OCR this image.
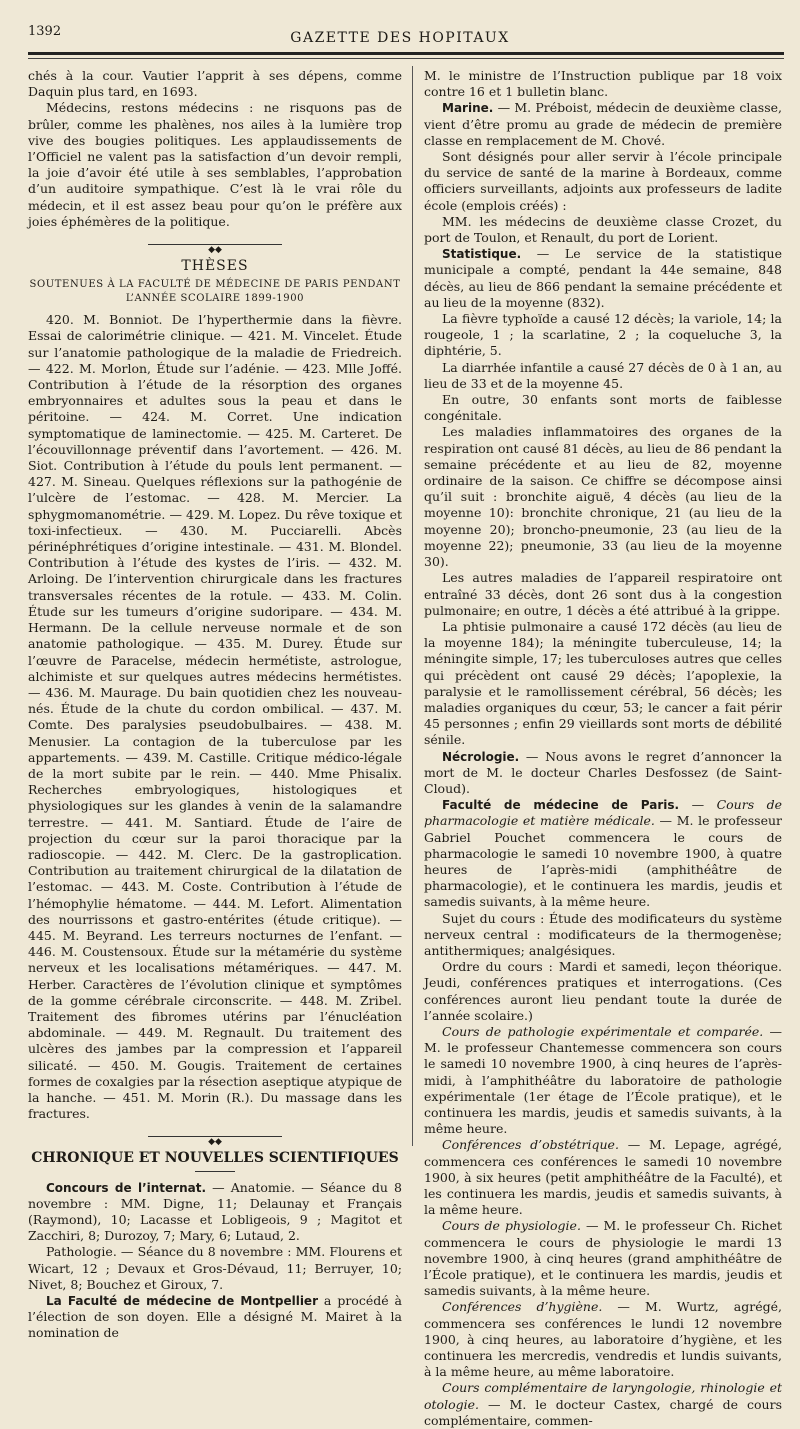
1392	GAZETTE DES HOPITAUX

chés à la cour. Vautier l’apprit à ses dépens, comme Daquin plus tard, en 1693.

Médecins, restons médecins : ne risquons pas de brûler, comme les phalènes, nos ailes à la lumière trop vive des bougies politiques. Les applaudissements de l’Officiel ne valent pas la satisfaction d’un devoir rempli, la joie d’avoir été utile à ses semblables, l’approbation d’un auditoire sympathique. C’est là le vrai rôle du médecin, et il est assez beau pour qu’on le préfère aux joies éphémères de la politique.

◆◆
THÈSES
SOUTENUES À LA FACULTÉ DE MÉDECINE DE PARIS PENDANT L’ANNÉE SCOLAIRE 1899-1900

420. M. Bonniot. De l’hyperthermie dans la fièvre. Essai de calorimétrie clinique. — 421. M. Vincelet. Étude sur l’anatomie pathologique de la maladie de Friedreich. — 422. M. Morlon, Étude sur l’adénie. — 423. Mlle Joffé. Contribution à l’étude de la résorption des organes embryonnaires et adultes sous la peau et dans le péritoine. — 424. M. Corret. Une indication symptomatique de laminectomie. — 425. M. Carteret. De l’écouvillonnage préventif dans l’avortement. — 426. M. Siot. Contribution à l’étude du pouls lent permanent. — 427. M. Sineau. Quelques réflexions sur la pathogénie de l’ulcère de l’estomac. — 428. M. Mercier. La sphygmomanométrie. — 429. M. Lopez. Du rêve toxique et toxi-infectieux. — 430. M. Pucciarelli. Abcès périnéphrétiques d’origine intestinale. — 431. M. Blondel. Contribution à l’étude des kystes de l’iris. — 432. M. Arloing. De l’intervention chirurgicale dans les fractures transversales récentes de la rotule. — 433. M. Colin. Étude sur les tumeurs d’origine sudoripare. — 434. M. Hermann. De la cellule nerveuse normale et de son anatomie pathologique. — 435. M. Durey. Étude sur l’œuvre de Paracelse, médecin hermétiste, astrologue, alchimiste et sur quelques autres médecins hermétistes. — 436. M. Maurage. Du bain quotidien chez les nouveau-nés. Étude de la chute du cordon ombilical. — 437. M. Comte. Des paralysies pseudobulbaires. — 438. M. Menusier. La contagion de la tuberculose par les appartements. — 439. M. Castille. Critique médico-légale de la mort subite par le rein. — 440. Mme Phisalix. Recherches embryologiques, histologiques et physiologiques sur les glandes à venin de la salamandre terrestre. — 441. M. Santiard. Étude de l’aire de projection du cœur sur la paroi thoracique par la radioscopie. — 442. M. Clerc. De la gastroplication. Contribution au traitement chirurgical de la dilatation de l’estomac. — 443. M. Coste. Contribution à l’étude de l’hémophylie hématome. — 444. M. Lefort. Alimentation des nourrissons et gastro-entérites (étude critique). — 445. M. Beyrand. Les terreurs nocturnes de l’enfant. — 446. M. Coustensoux. Étude sur la métamérie du système nerveux et les localisations métamériques. — 447. M. Herber. Caractères de l’évolution clinique et symptômes de la gomme cérébrale circonscrite. — 448. M. Zribel. Traitement des fibromes utérins par l’énucléation abdominale. — 449. M. Regnault. Du traitement des ulcères des jambes par la compression et l’appareil silicaté. — 450. M. Gougis. Traitement de certaines formes de coxalgies par la résection aseptique atypique de la hanche. — 451. M. Morin (R.). Du massage dans les fractures.

◆◆
CHRONIQUE ET NOUVELLES SCIENTIFIQUES

Concours de l’internat. — Anatomie. — Séance du 8 novembre : MM. Digne, 11; Delaunay et Français (Raymond), 10; Lacasse et Lobligeois, 9 ; Magitot et Zacchiri, 8; Durozoy, 7; Mary, 6; Lutaud, 2.

Pathologie. — Séance du 8 novembre : MM. Flourens et Wicart, 12 ; Devaux et Gros-Dévaud, 11; Berruyer, 10; Nivet, 8; Bouchez et Giroux, 7.

La Faculté de médecine de Montpellier a procédé à l’élection de son doyen. Elle a désigné M. Mairet à la nomination de

M. le ministre de l’Instruction publique par 18 voix contre 16 et 1 bulletin blanc.

Marine. — M. Préboist, médecin de deuxième classe, vient d’être promu au grade de médecin de première classe en remplacement de M. Chové.

Sont désignés pour aller servir à l’école principale du service de santé de la marine à Bordeaux, comme officiers surveillants, adjoints aux professeurs de ladite école (emplois créés) :

MM. les médecins de deuxième classe Crozet, du port de Toulon, et Renault, du port de Lorient.

Statistique. — Le service de la statistique municipale a compté, pendant la 44e semaine, 848 décès, au lieu de 866 pendant la semaine précédente et au lieu de la moyenne (832).

La fièvre typhoïde a causé 12 décès; la variole, 14; la rougeole, 1 ; la scarlatine, 2 ; la coqueluche 3, la diphtérie, 5.

La diarrhée infantile a causé 27 décès de 0 à 1 an, au lieu de 33 et de la moyenne 45.

En outre, 30 enfants sont morts de faiblesse congénitale.

Les maladies inflammatoires des organes de la respiration ont causé 81 décès, au lieu de 86 pendant la semaine précédente et au lieu de 82, moyenne ordinaire de la saison. Ce chiffre se décompose ainsi qu’il suit : bronchite aiguë, 4 décès (au lieu de la moyenne 10): bronchite chronique, 21 (au lieu de la moyenne 20); broncho-pneumonie, 23 (au lieu de la moyenne 22); pneumonie, 33 (au lieu de la moyenne 30).

Les autres maladies de l’appareil respiratoire ont entraîné 33 décès, dont 26 sont dus à la congestion pulmonaire; en outre, 1 décès a été attribué à la grippe.

La phtisie pulmonaire a causé 172 décès (au lieu de la moyenne 184); la méningite tuberculeuse, 14; la méningite simple, 17; les tuberculoses autres que celles qui précèdent ont causé 29 décès; l’apoplexie, la paralysie et le ramollissement cérébral, 56 décès; les maladies organiques du cœur, 53; le cancer a fait périr 45 personnes ; enfin 29 vieillards sont morts de débilité sénile.

Nécrologie. — Nous avons le regret d’annoncer la mort de M. le docteur Charles Desfossez (de Saint-Cloud).

Faculté de médecine de Paris. — Cours de pharmacologie et matière médicale. — M. le professeur Gabriel Pouchet commencera le cours de pharmacologie le samedi 10 novembre 1900, à quatre heures de l’après-midi (amphithéâtre de pharmacologie), et le continuera les mardis, jeudis et samedis suivants, à la même heure.

Sujet du cours : Étude des modificateurs du système nerveux central : modificateurs de la thermogenèse; antithermiques; analgésiques.

Ordre du cours : Mardi et samedi, leçon théorique. Jeudi, conférences pratiques et interrogations. (Ces conférences auront lieu pendant toute la durée de l’année scolaire.)

Cours de pathologie expérimentale et comparée. — M. le professeur Chantemesse commencera son cours le samedi 10 novembre 1900, à cinq heures de l’après-midi, à l’amphithéâtre du laboratoire de pathologie expérimentale (1er étage de l’École pratique), et le continuera les mardis, jeudis et samedis suivants, à la même heure.

Conférences d’obstétrique. — M. Lepage, agrégé, commencera ces conférences le samedi 10 novembre 1900, à six heures (petit amphithéâtre de la Faculté), et les continuera les mardis, jeudis et samedis suivants, à la même heure.

Cours de physiologie. — M. le professeur Ch. Richet commencera le cours de physiologie le mardi 13 novembre 1900, à cinq heures (grand amphithéâtre de l’École pratique), et le continuera les mardis, jeudis et samedis suivants, à la même heure.

Conférences d’hygiène. — M. Wurtz, agrégé, commencera ses conférences le lundi 12 novembre 1900, à cinq heures, au laboratoire d’hygiène, et les continuera les mercredis, vendredis et lundis suivants, à la même heure, au même laboratoire.

Cours complémentaire de laryngologie, rhinologie et otologie. — M. le docteur Castex, chargé de cours complémentaire, commen-
